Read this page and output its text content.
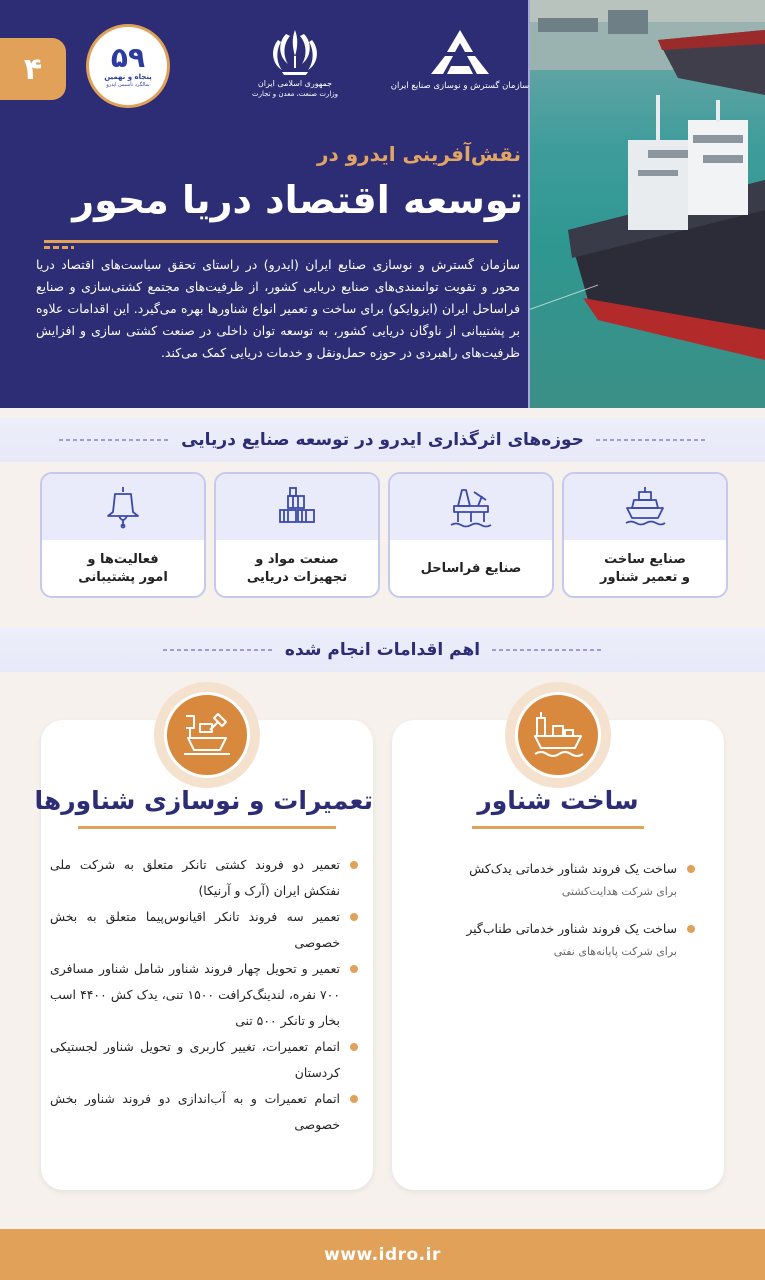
۴ ۵۹
پنجاه و نهمین
سالگرد تأسیس ایدرو	جمهوری اسلامی ایران
وزارت صنعت، معدن و تجارت
سازمان گسترش و نوسازی صنایع ایران
نقش‌آفرینی ایدرو در
توسعه اقتصاد دریا محور

سازمان گسترش و نوسازی صنایع ایران (ایدرو) در راستای تحقق سیاست‌های اقتصاد دریا محور و تقویت توانمندی‌های صنایع دریایی کشور، از ظرفیت‌های مجتمع کشتی‌سازی و صنایع فراساحل ایران (ایزوایکو) برای ساخت و تعمیر انواع شناورها بهره می‌گیرد. این اقدامات علاوه بر پشتیبانی از ناوگان دریایی کشور، به توسعه توان داخلی در صنعت کشتی سازی و افزایش ظرفیت‌های راهبردی در حوزه حمل‌ونقل و خدمات دریایی کمک می‌کند.

حوزه‌های اثرگذاری ایدرو در توسعه صنایع دریایی
صنایع ساخت
و تعمیر شناور
صنایع فراساحل
صنعت مواد و
تجهیزات دریایی
فعالیت‌ها و
امور پشتیبانی
اهم اقدامات انجام شده
ساخت شناور
ساخت یک فروند شناور خدماتی یدک‌کش
برای شرکت هدایت‌کشتی
ساخت یک فروند شناور خدماتی طناب‌گیر
برای شرکت پایانه‌های نفتی
تعمیرات و نوسازی شناورها
تعمیر دو فروند کشتی تانکر متعلق به شرکت ملی نفتکش ایران (آرک و آرنیکا)
تعمیر سه فروند تانکر اقیانوس‌پیما متعلق به بخش خصوصی
تعمیر و تحویل چهار فروند شناور شامل شناور مسافری ۷۰۰ نفره، لندینگ‌کرافت ۱۵۰۰ تنی، یدک کش ۴۴۰۰ اسب بخار و تانکر ۵۰۰ تنی
اتمام تعمیرات، تغییر کاربری و تحویل شناور لجستیکی کردستان
اتمام تعمیرات و به آب‌اندازی دو فروند شناور بخش خصوصی
www.idro.ir
